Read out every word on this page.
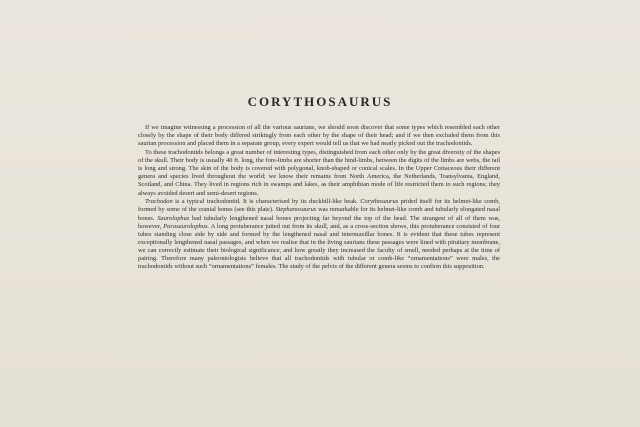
CORYTHOSAURUS

If we imagine witnessing a procession of all the various saurians, we should soon discover that some types which resembled each other closely by the shape of their body differed strikingly from each other by the shape of their head; and if we then excluded them from this saurian procession and placed them in a separate group, every expert would tell us that we had neatly picked out the trachodontids.

To these trachodontids belongs a great number of interesting types, distinguished from each other only by the great diversity of the shapes of the skull. Their body is usually 40 ft. long, the fore-limbs are shorter than the hind-limbs, between the digits of the limbs are webs, the tail is long and strong. The skin of the body is covered with polygonal, knob-shaped or conical scales. In the Upper Cretaceous their different genera and species lived throughout the world; we know their remains from North America, the Netherlands, Transylvania, England, Scotland, and China. They lived in regions rich in swamps and lakes, as their amphibian mode of life restricted them to such regions; they always avoided desert and semi-desert regions.

Trachodon is a typical trachodontid. It is characterised by its duckbill-like beak. Corythosaurus prided itself for its helmet-like comb, formed by some of the cranial bones (see this plate). Stephanosaurus was remarkable for its helmet-like comb and tubularly elongated nasal bones. Saurolophus had tubularly lengthened nasal bones projecting far beyond the top of the head. The strangest of all of them was, however, Parasaurolophus. A long protuberance jutted out from its skull, and, as a cross-section shows, this protuberance consisted of four tubes standing close side by side and formed by the lengthened nasal and intermaxillar bones. It is evident that these tubes represent exceptionally lengthened nasal passages, and when we realise that in the living saurians these passages were lined with pituitary membrane, we can correctly estimate their biological significance, and how greatly they increased the faculty of smell, needed perhaps at the time of pairing. Therefore many paleontologists believe that all trachodontids with tubular or comb-like “ornamentations” were males, the trachodontids without such “ornamentations” females. The study of the pelvis of the different genera seems to confirm this supposition.
